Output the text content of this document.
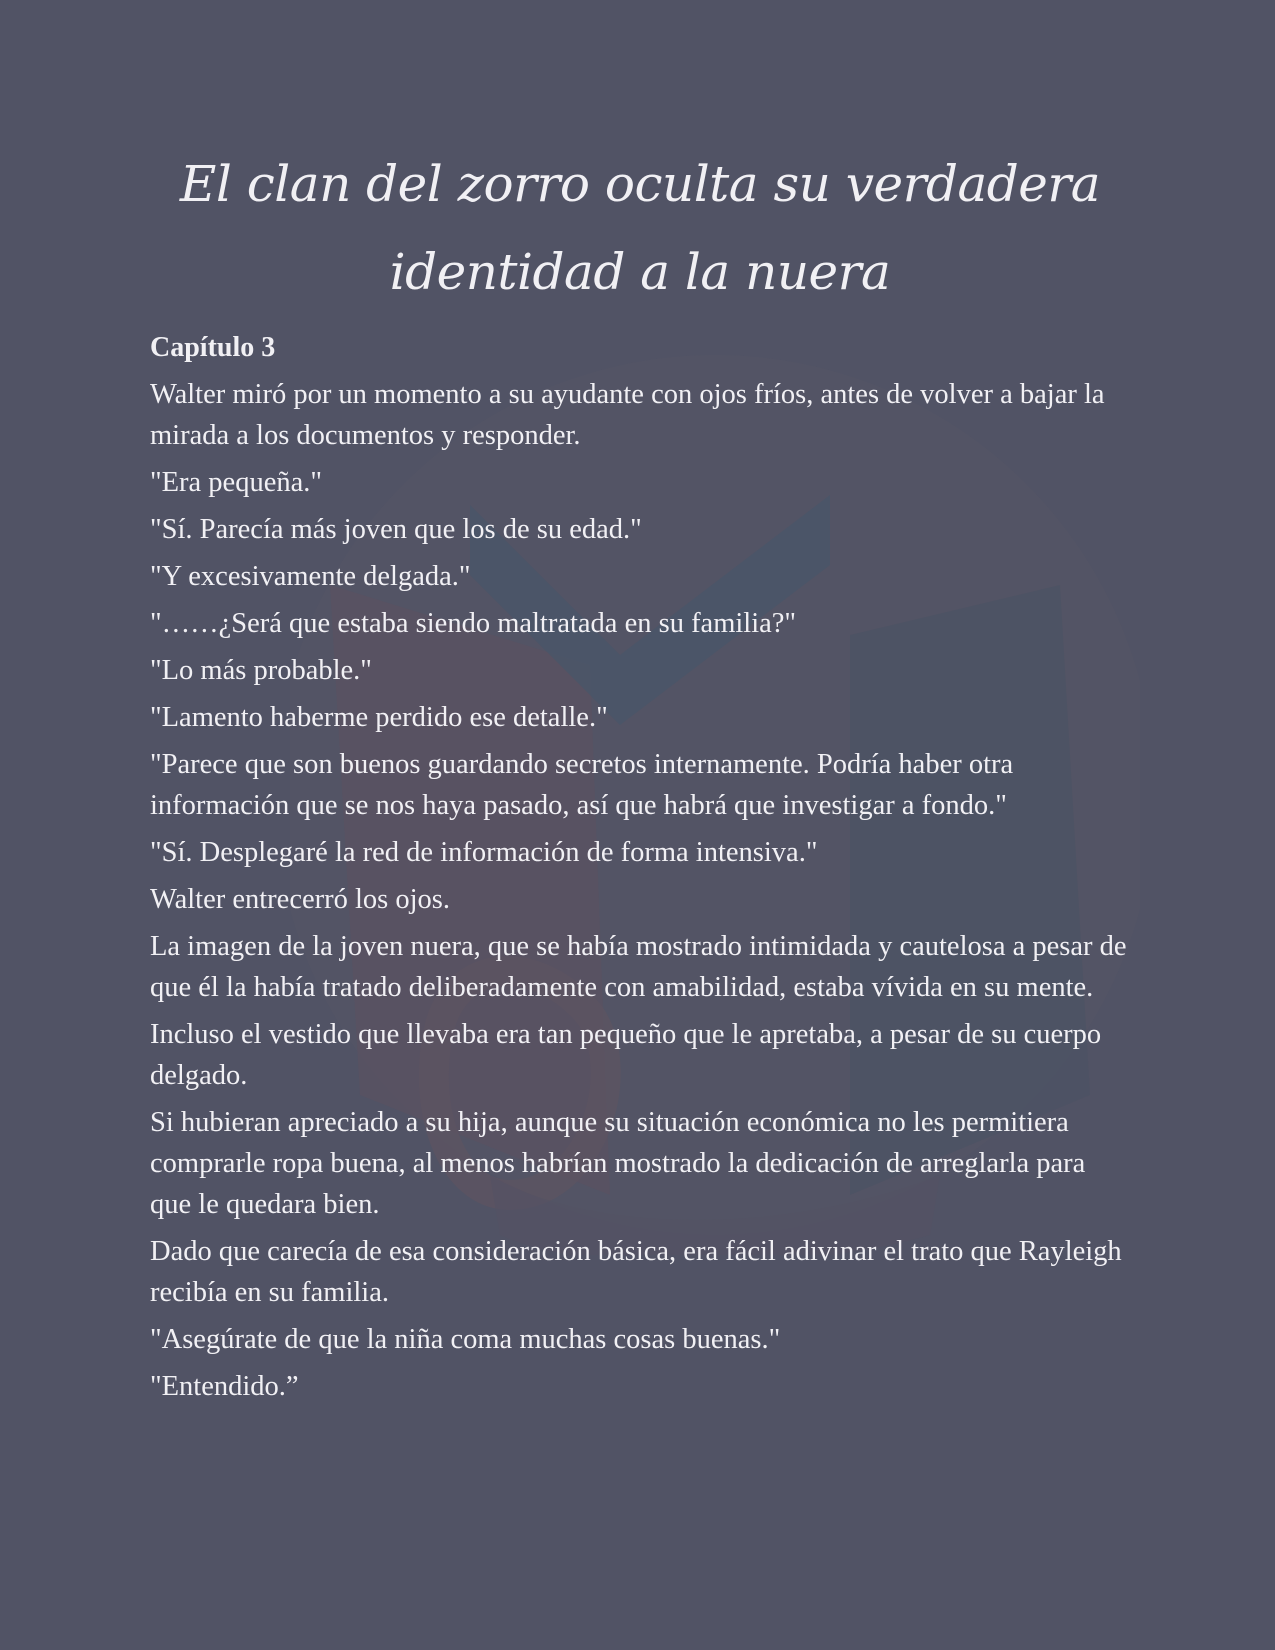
El clan del zorro oculta su verdadera identidad a la nuera
Capítulo 3

Walter miró por un momento a su ayudante con ojos fríos, antes de volver a bajar la mirada a los documentos y responder.

"Era pequeña."

"Sí. Parecía más joven que los de su edad."

"Y excesivamente delgada."

"……¿Será que estaba siendo maltratada en su familia?"

"Lo más probable."

"Lamento haberme perdido ese detalle."

"Parece que son buenos guardando secretos internamente. Podría haber otra información que se nos haya pasado, así que habrá que investigar a fondo."

"Sí. Desplegaré la red de información de forma intensiva."

Walter entrecerró los ojos.

La imagen de la joven nuera, que se había mostrado intimidada y cautelosa a pesar de que él la había tratado deliberadamente con amabilidad, estaba vívida en su mente.

Incluso el vestido que llevaba era tan pequeño que le apretaba, a pesar de su cuerpo delgado.

Si hubieran apreciado a su hija, aunque su situación económica no les permitiera comprarle ropa buena, al menos habrían mostrado la dedicación de arreglarla para que le quedara bien.

Dado que carecía de esa consideración básica, era fácil adivinar el trato que Rayleigh recibía en su familia.

"Asegúrate de que la niña coma muchas cosas buenas."

"Entendido.”
